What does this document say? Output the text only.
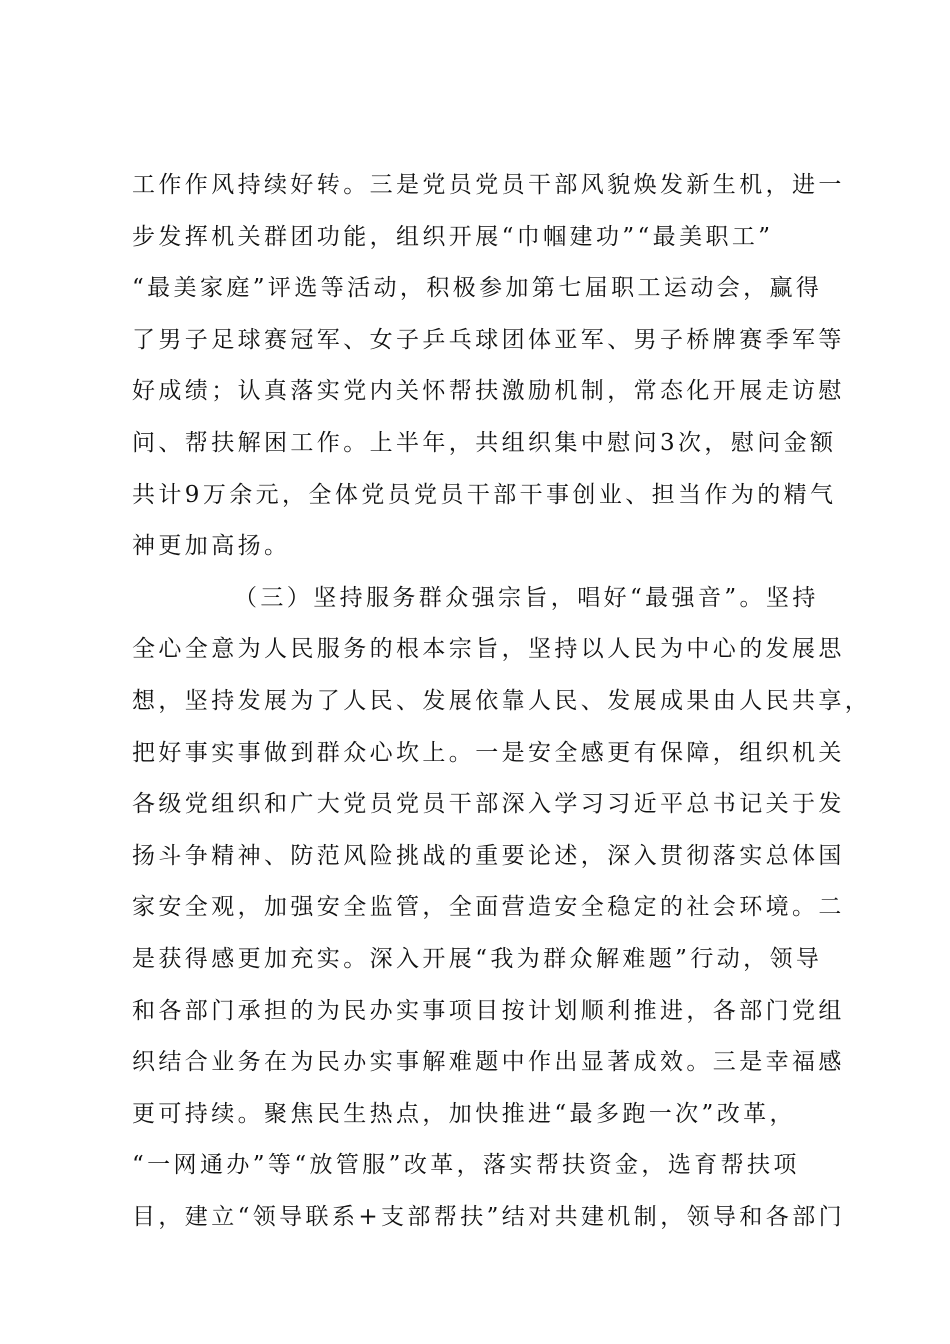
工作作风持续好转。三是党员党员干部风貌焕发新生机，进一
步发挥机关群团功能，组织开展“巾帼建功”“最美职工”
“最美家庭”评选等活动，积极参加第七届职工运动会，赢得
了男子足球赛冠军、女子乒乓球团体亚军、男子桥牌赛季军等
好成绩；认真落实党内关怀帮扶激励机制，常态化开展走访慰
问、帮扶解困工作。上半年，共组织集中慰问3次，慰问金额
共计9万余元，全体党员党员干部干事创业、担当作为的精气
神更加高扬。
（三）坚持服务群众强宗旨，唱好“最强音”。坚持
全心全意为人民服务的根本宗旨，坚持以人民为中心的发展思
想，坚持发展为了人民、发展依靠人民、发展成果由人民共享，
把好事实事做到群众心坎上。一是安全感更有保障，组织机关
各级党组织和广大党员党员干部深入学习习近平总书记关于发
扬斗争精神、防范风险挑战的重要论述，深入贯彻落实总体国
家安全观，加强安全监管，全面营造安全稳定的社会环境。二
是获得感更加充实。深入开展“我为群众解难题”行动，领导
和各部门承担的为民办实事项目按计划顺利推进，各部门党组
织结合业务在为民办实事解难题中作出显著成效。三是幸福感
更可持续。聚焦民生热点，加快推进“最多跑一次”改革，
“一网通办”等“放管服”改革，落实帮扶资金，选育帮扶项
目，建立“领导联系+支部帮扶”结对共建机制，领导和各部门
